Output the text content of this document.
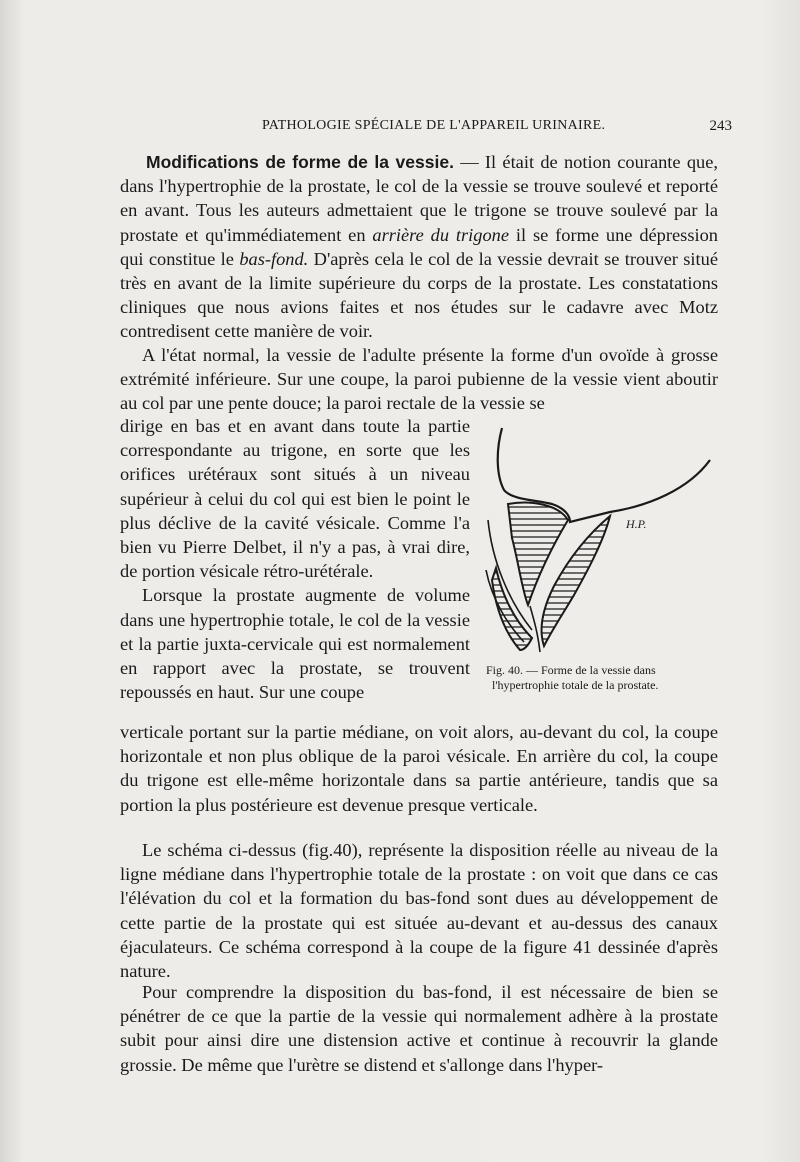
PATHOLOGIE SPÉCIALE DE L'APPAREIL URINAIRE.	243

Modifications de forme de la vessie. — Il était de notion courante que, dans l'hypertrophie de la prostate, le col de la vessie se trouve soulevé et reporté en avant. Tous les auteurs admettaient que le trigone se trouve soulevé par la prostate et qu'immédiatement en arrière du trigone il se forme une dépression qui constitue le bas-fond. D'après cela le col de la vessie devrait se trouver situé très en avant de la limite supérieure du corps de la prostate. Les constatations cliniques que nous avions faites et nos études sur le cadavre avec Motz contredisent cette manière de voir.

A l'état normal, la vessie de l'adulte présente la forme d'un ovoïde à grosse extrémité inférieure. Sur une coupe, la paroi pubienne de la vessie vient aboutir au col par une pente douce; la paroi rectale de la vessie se

dirige en bas et en avant dans toute la partie correspondante au trigone, en sorte que les orifices urétéraux sont situés à un niveau supérieur à celui du col qui est bien le point le plus déclive de la cavité vésicale. Comme l'a bien vu Pierre Delbet, il n'y a pas, à vrai dire, de portion vésicale rétro-urétérale.

Lorsque la prostate augmente de volume dans une hypertrophie totale, le col de la vessie et la partie juxta-cervicale qui est normalement en rapport avec la prostate, se trouvent repoussés en haut. Sur une coupe

verticale portant sur la partie médiane, on voit alors, au-devant du col, la coupe horizontale et non plus oblique de la paroi vésicale. En arrière du col, la coupe du trigone est elle-même horizontale dans sa partie antérieure, tandis que sa portion la plus postérieure est devenue presque verticale.

H.P.
Fig. 40. — Forme de la vessie dans
l'hypertrophie totale de la prostate.

Le schéma ci-dessus (fig.40), représente la disposition réelle au niveau de la ligne médiane dans l'hypertrophie totale de la prostate : on voit que dans ce cas l'élévation du col et la formation du bas-fond sont dues au développement de cette partie de la prostate qui est située au-devant et au-dessus des canaux éjaculateurs. Ce schéma correspond à la coupe de la figure 41 dessinée d'après nature.

Pour comprendre la disposition du bas-fond, il est nécessaire de bien se pénétrer de ce que la partie de la vessie qui normalement adhère à la prostate subit pour ainsi dire une distension active et continue à recouvrir la glande grossie. De même que l'urètre se distend et s'allonge dans l'hyper-
